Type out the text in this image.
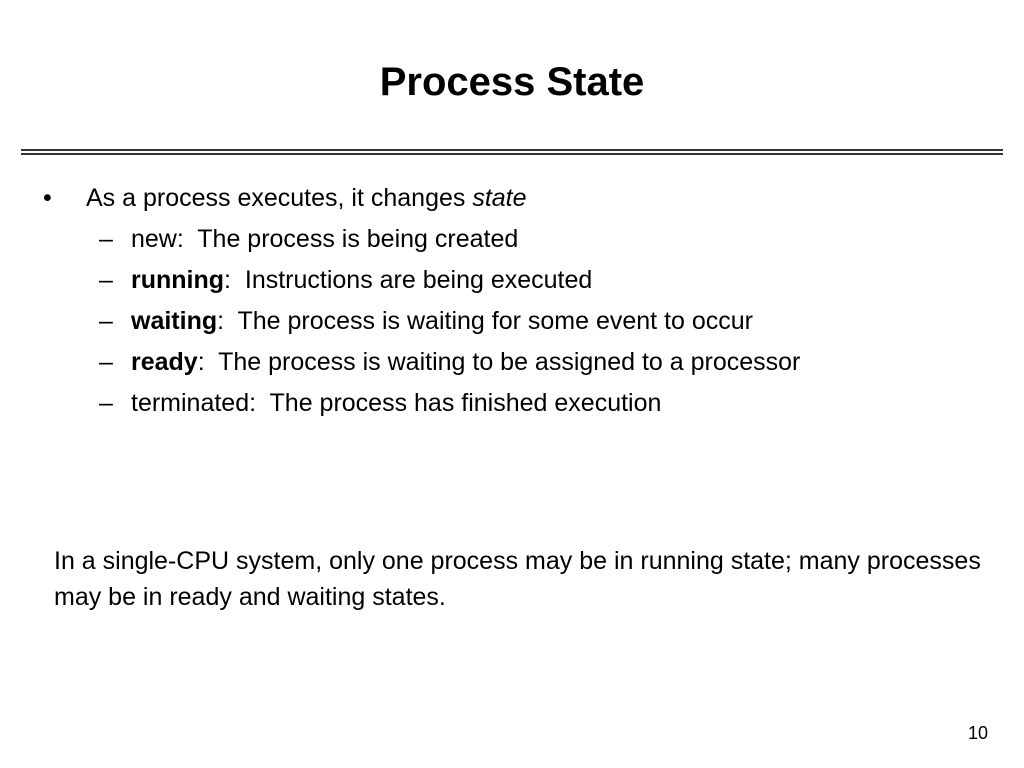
Process State
• As a process executes, it changes state
– new:  The process is being created
– running:  Instructions are being executed
– waiting:  The process is waiting for some event to occur
– ready:  The process is waiting to be assigned to a processor
– terminated:  The process has finished execution

In a single-CPU system, only one process may be in running state; many processes may be in ready and waiting states.

10
